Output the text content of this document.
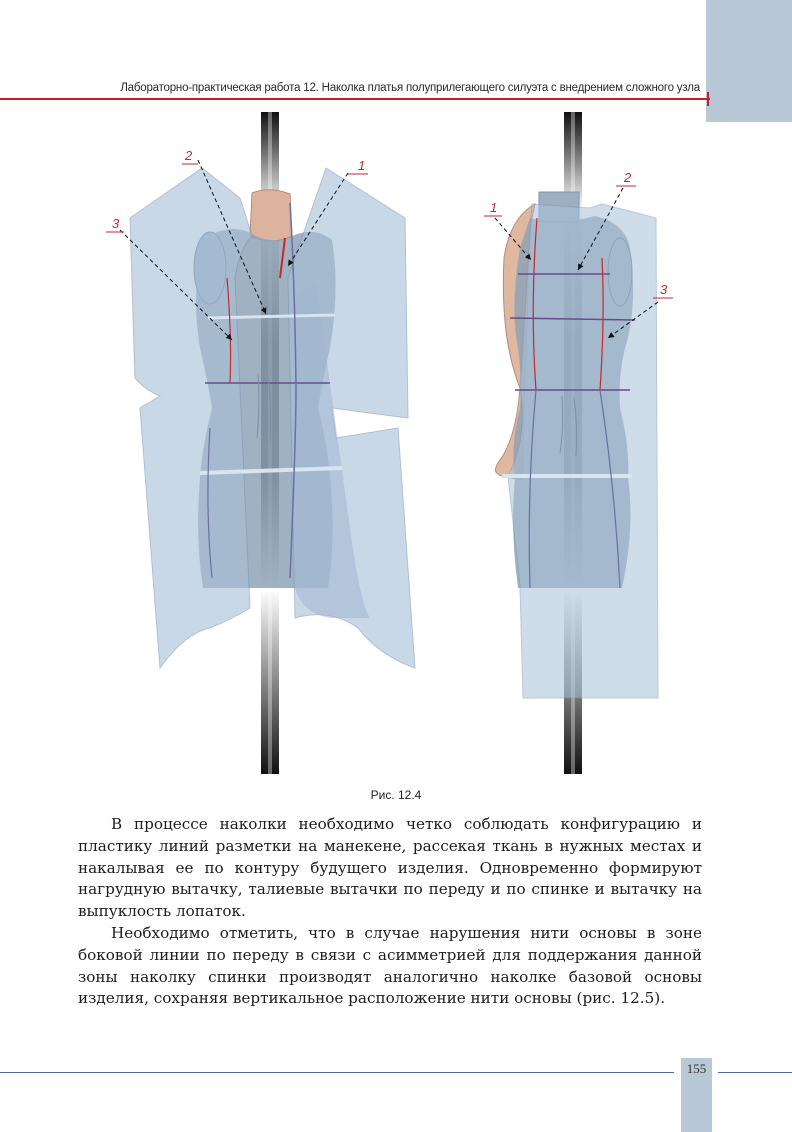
Лабораторно-практическая работа 12. Наколка платья полуприлегающего силуэта с внедрением сложного узла
2
1
3
1
2
3
Рис. 12.4

В процессе наколки необходимо четко соблюдать конфигурацию и пластику линий разметки на манекене, рассекая ткань в нужных местах и накалывая ее по контуру будущего изделия. Одновременно формируют нагрудную вытачку, талиевые вытачки по переду и по спинке и вытачку на выпуклость лопаток.

Необходимо отметить, что в случае нарушения нити основы в зоне боковой линии по переду в связи с асимметрией для поддержания данной зоны наколку спинки производят аналогично наколке базовой основы изделия, сохраняя вертикальное расположение нити основы (рис. 12.5).

155
